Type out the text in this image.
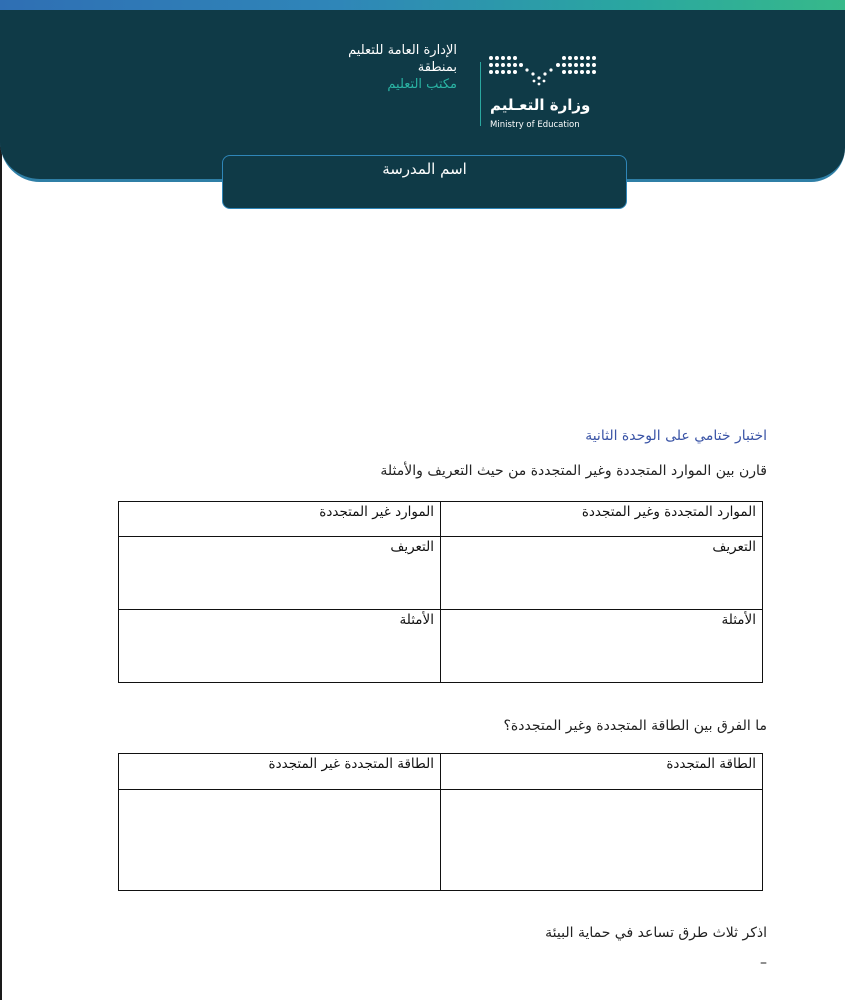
وزارة التعـليم
Ministry of Education
الإدارة العامة للتعليم
بمنطقة
مكتب التعليم
اسم المدرسة
اختبار ختامي على الوحدة الثانية
قارن بين الموارد المتجددة وغير المتجددة من حيث التعريف والأمثلة
الموارد المتجددة وغير المتجددة	الموارد غير المتجددة
التعريف	التعريف
الأمثلة	الأمثلة
ما الفرق بين الطاقة المتجددة وغير المتجددة؟
الطاقة المتجددة	الطاقة المتجددة غير المتجددة

اذكر ثلاث طرق تساعد في حماية البيئة
–
